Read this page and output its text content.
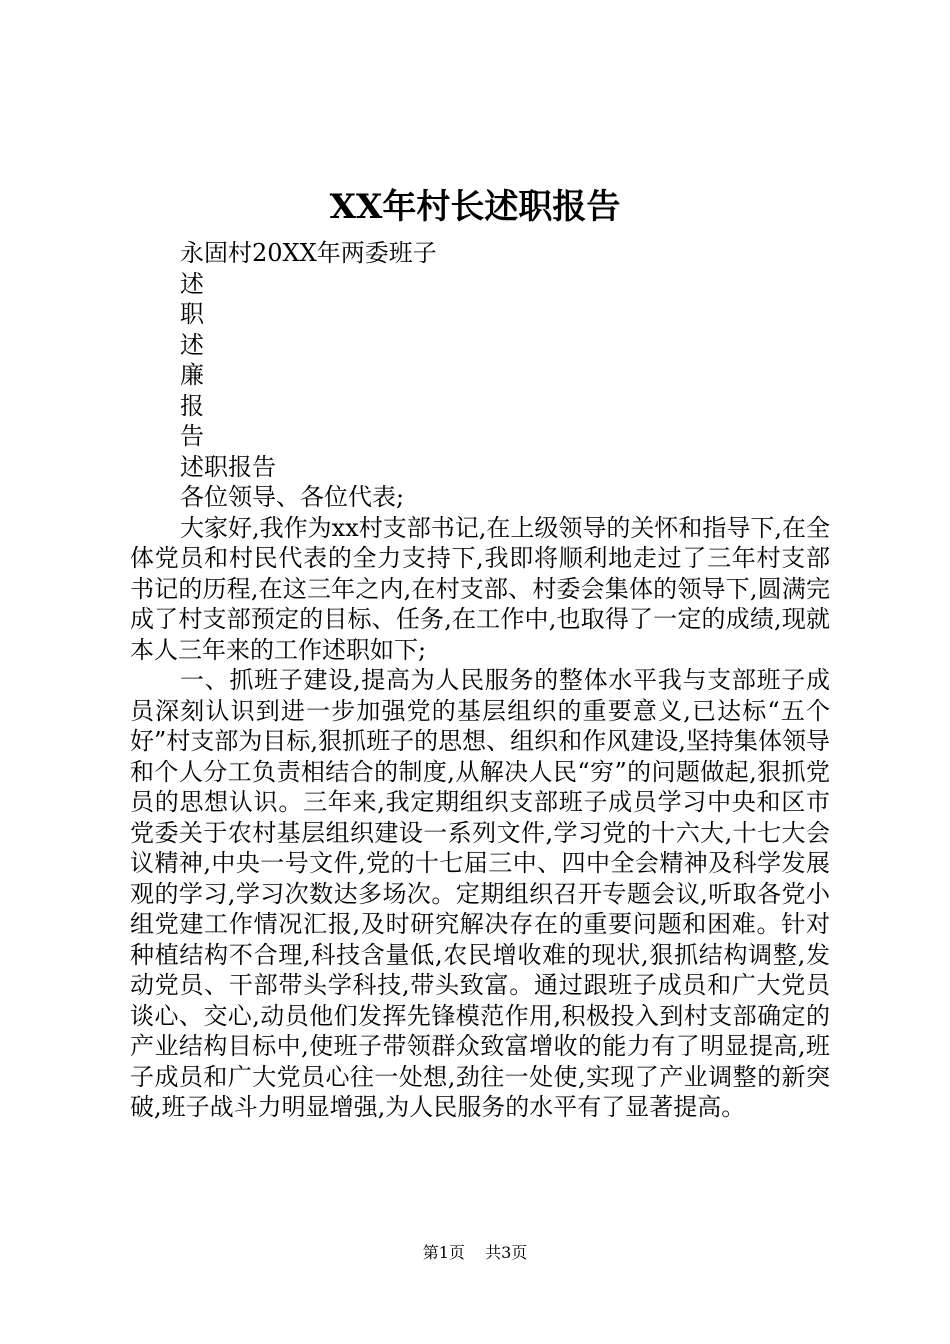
XX年村长述职报告
永固村20XX年两委班子
述
职
述
廉
报
告
述职报告
各位领导、各位代表;

大家好,我作为xx村支部书记,在上级领导的关怀和指导下,在全体党员和村民代表的全力支持下,我即将顺利地走过了三年村支部书记的历程,在这三年之内,在村支部、村委会集体的领导下,圆满完成了村支部预定的目标、任务,在工作中,也取得了一定的成绩,现就本人三年来的工作述职如下;

一、抓班子建设,提高为人民服务的整体水平我与支部班子成员深刻认识到进一步加强党的基层组织的重要意义,已达标“五个好”村支部为目标,狠抓班子的思想、组织和作风建设,坚持集体领导和个人分工负责相结合的制度,从解决人民“穷”的问题做起,狠抓党员的思想认识。三年来,我定期组织支部班子成员学习中央和区市党委关于农村基层组织建设一系列文件,学习党的十六大,十七大会议精神,中央一号文件,党的十七届三中、四中全会精神及科学发展观的学习,学习次数达多场次。定期组织召开专题会议,听取各党小组党建工作情况汇报,及时研究解决存在的重要问题和困难。针对种植结构不合理,科技含量低,农民增收难的现状,狠抓结构调整,发动党员、干部带头学科技,带头致富。通过跟班子成员和广大党员谈心、交心,动员他们发挥先锋模范作用,积极投入到村支部确定的产业结构目标中,使班子带领群众致富增收的能力有了明显提高,班子成员和广大党员心往一处想,劲往一处使,实现了产业调整的新突破,班子战斗力明显增强,为人民服务的水平有了显著提高。

第1页 共3页
